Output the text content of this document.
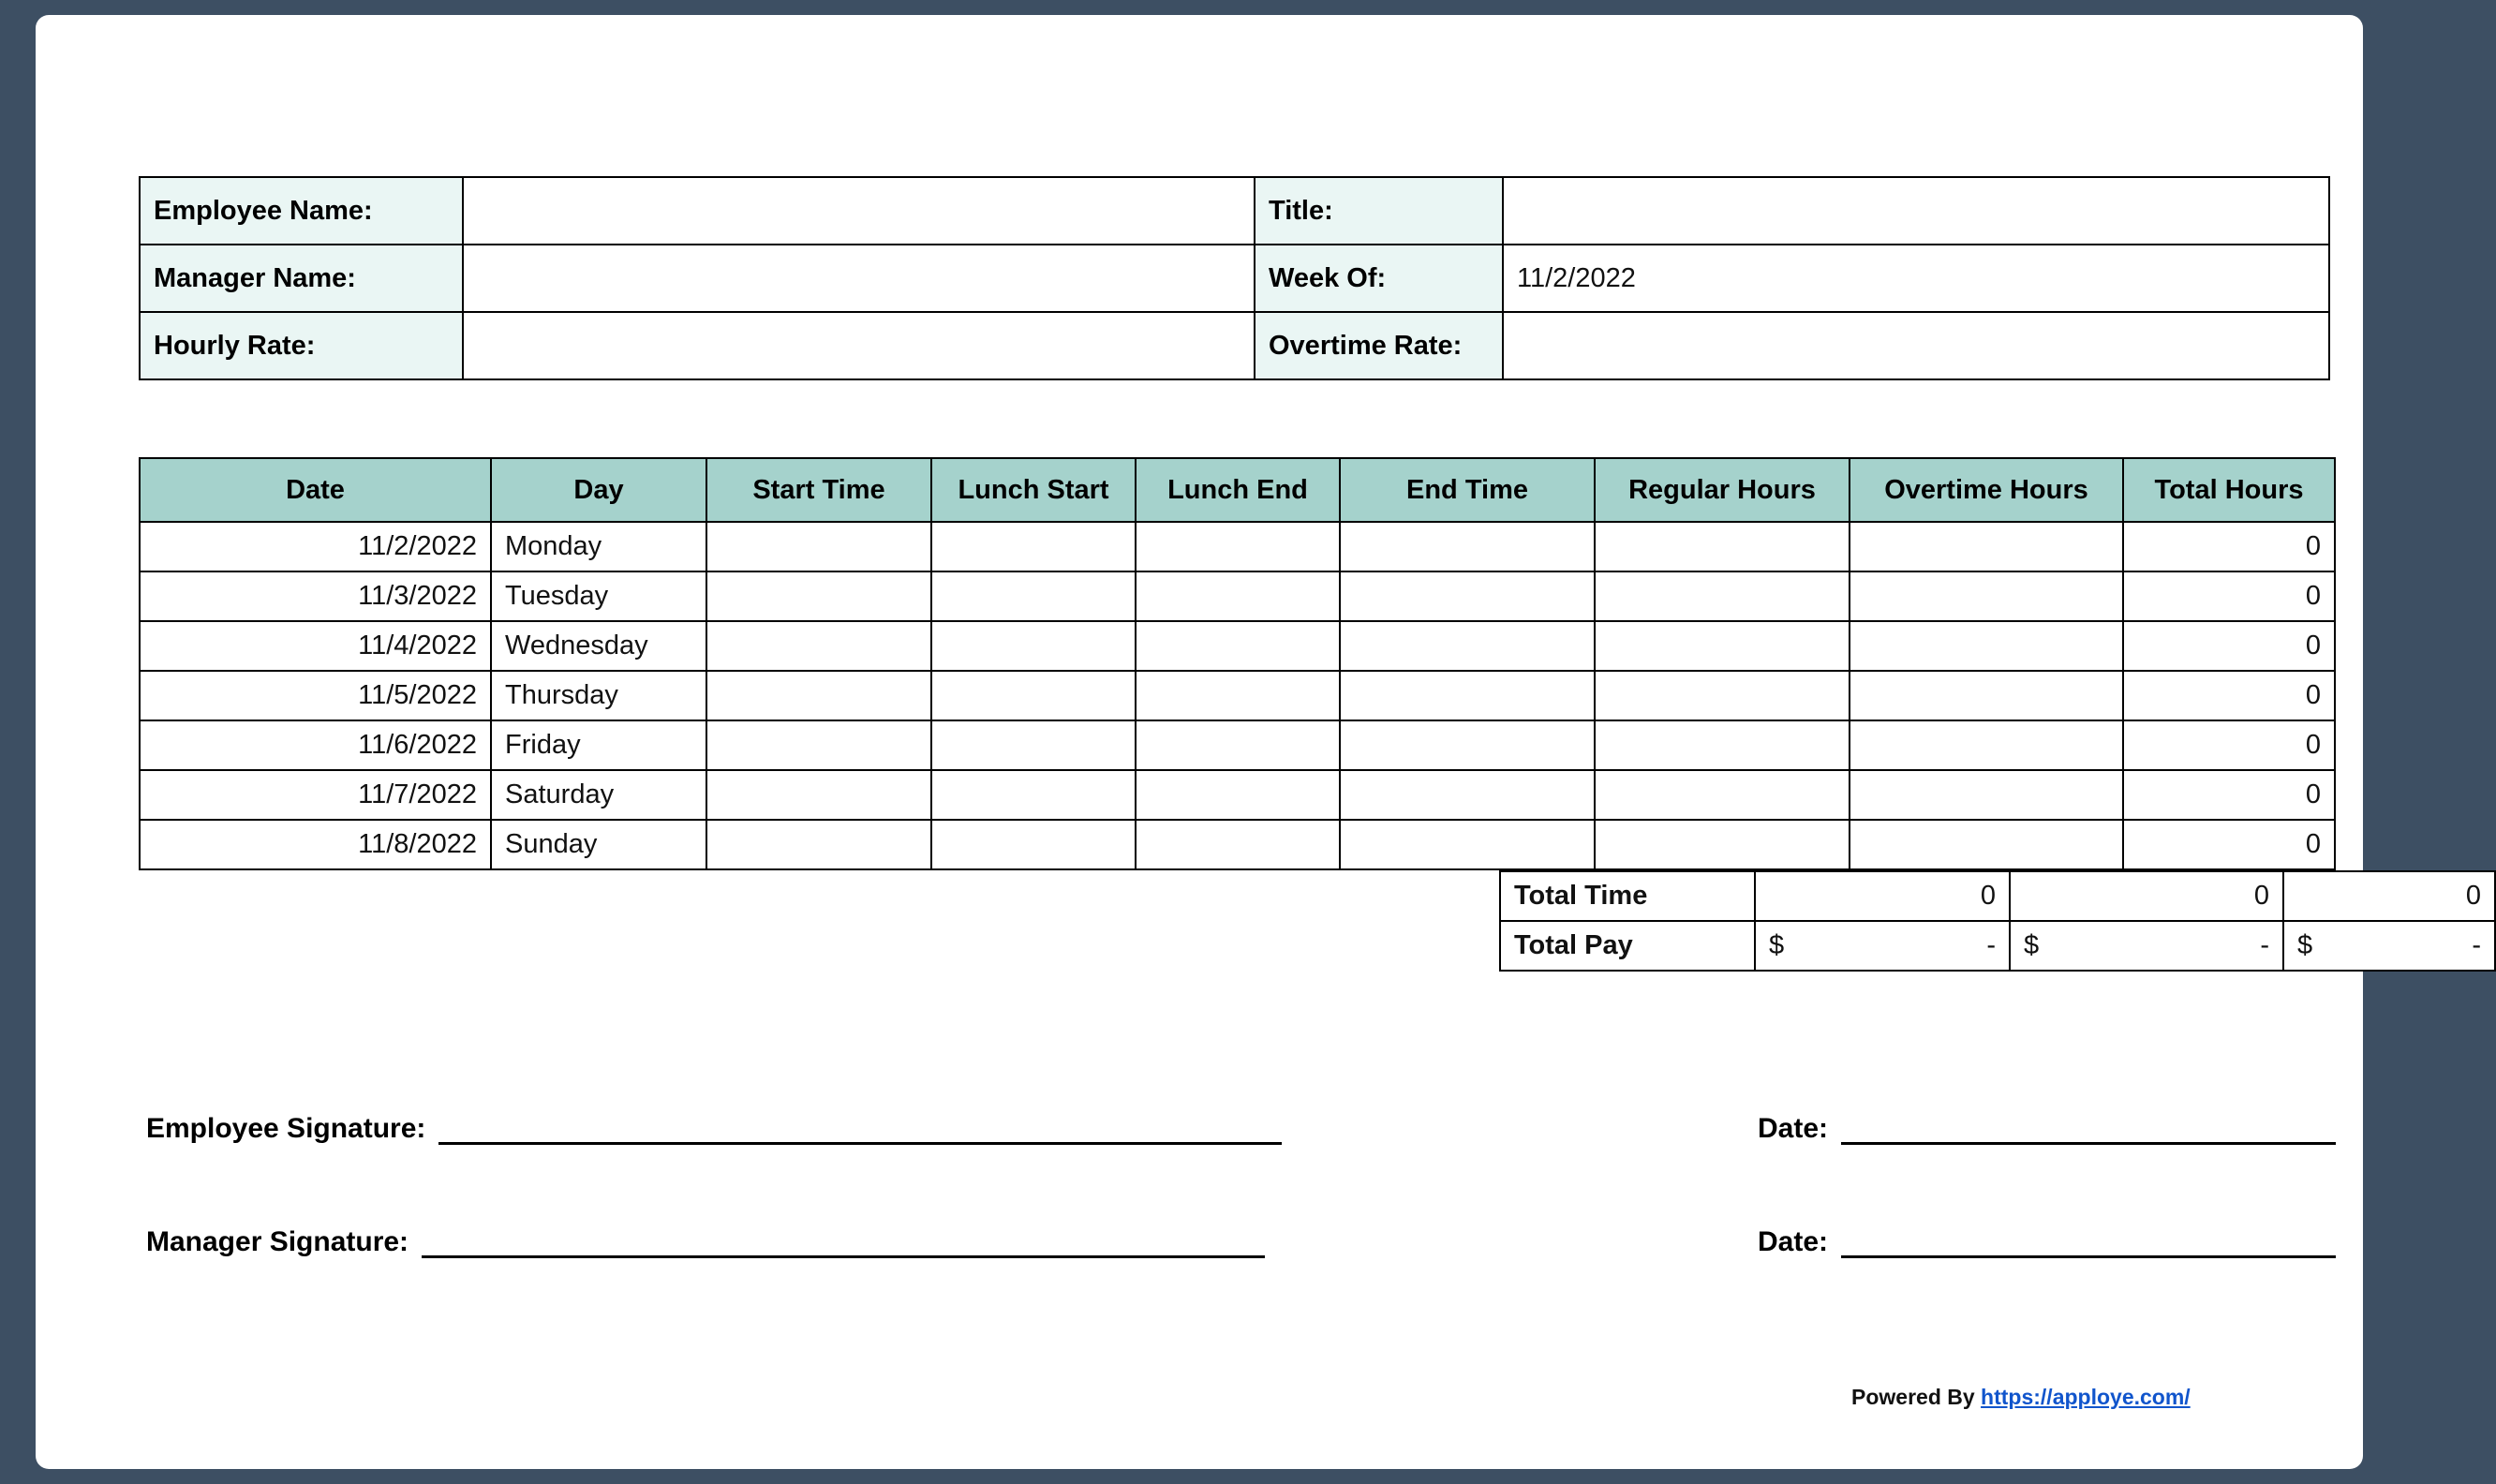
Employee Name:		Title:	
Manager Name:		Week Of:	11/2/2022
Hourly Rate:		Overtime Rate:	
Date	Day	Start Time	Lunch Start	Lunch End	End Time	Regular Hours	Overtime Hours	Total Hours
11/2/2022	Monday							0
11/3/2022	Tuesday							0
11/4/2022	Wednesday							0
11/5/2022	Thursday							0
11/6/2022	Friday							0
11/7/2022	Saturday							0
11/8/2022	Sunday							0
Total Time	0	0	0
Total Pay	$ -	$ -	$ -
Employee Signature:	Date:
Manager Signature:	Date:
Powered By https://apploye.com/
